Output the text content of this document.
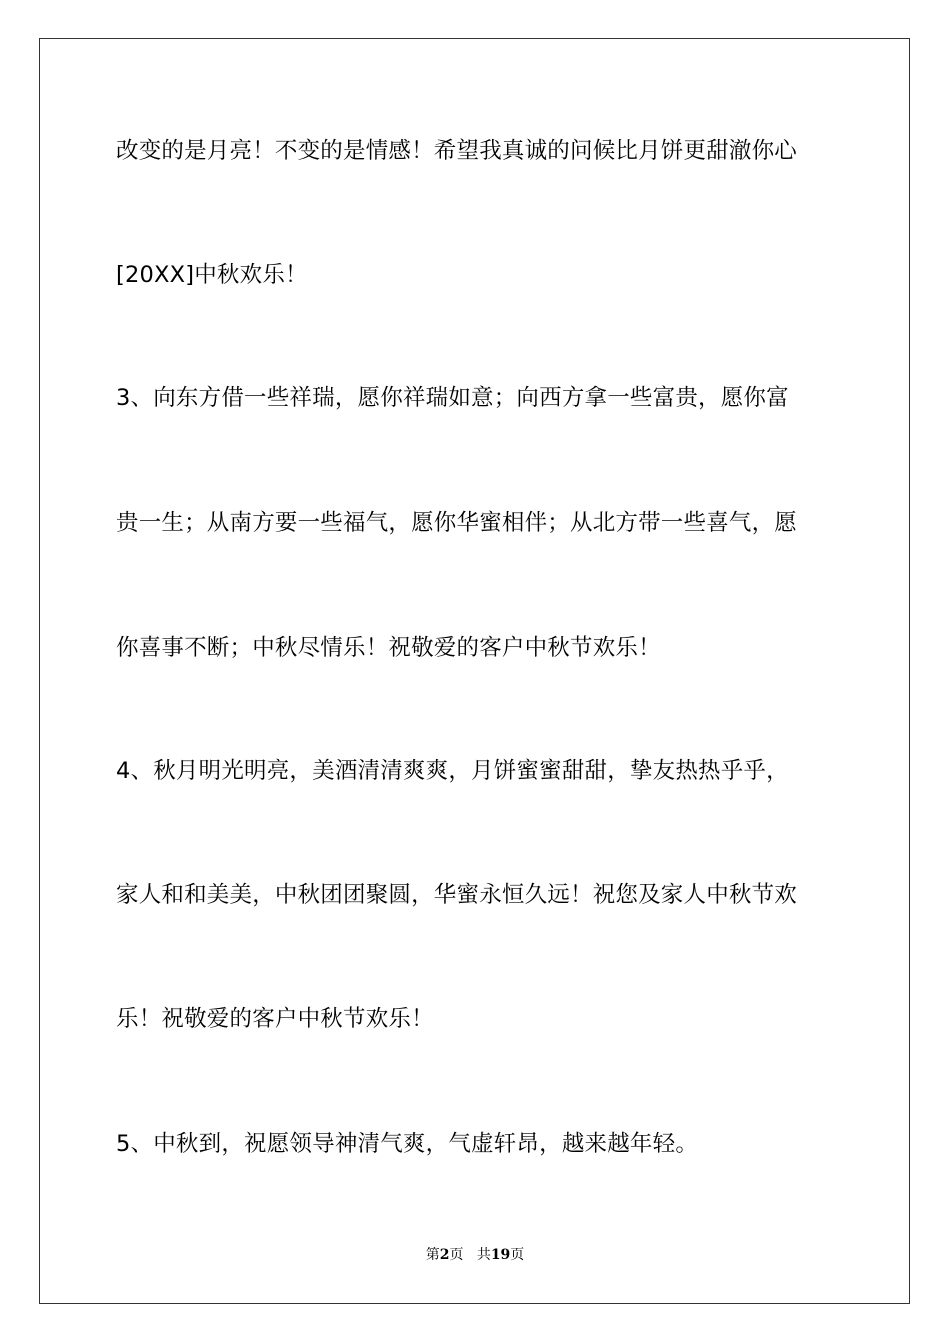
改变的是月亮！不变的是情感！希望我真诚的问候比月饼更甜澈你心
[20XX]中秋欢乐！
3、向东方借一些祥瑞，愿你祥瑞如意；向西方拿一些富贵，愿你富
贵一生；从南方要一些福气，愿你华蜜相伴；从北方带一些喜气，愿
你喜事不断；中秋尽情乐！祝敬爱的客户中秋节欢乐！
4、秋月明光明亮，美酒清清爽爽，月饼蜜蜜甜甜，挚友热热乎乎，
家人和和美美，中秋团团聚圆，华蜜永恒久远！祝您及家人中秋节欢
乐！祝敬爱的客户中秋节欢乐！
5、中秋到，祝愿领导神清气爽，气虚轩昂，越来越年轻。
第2页 共19页
